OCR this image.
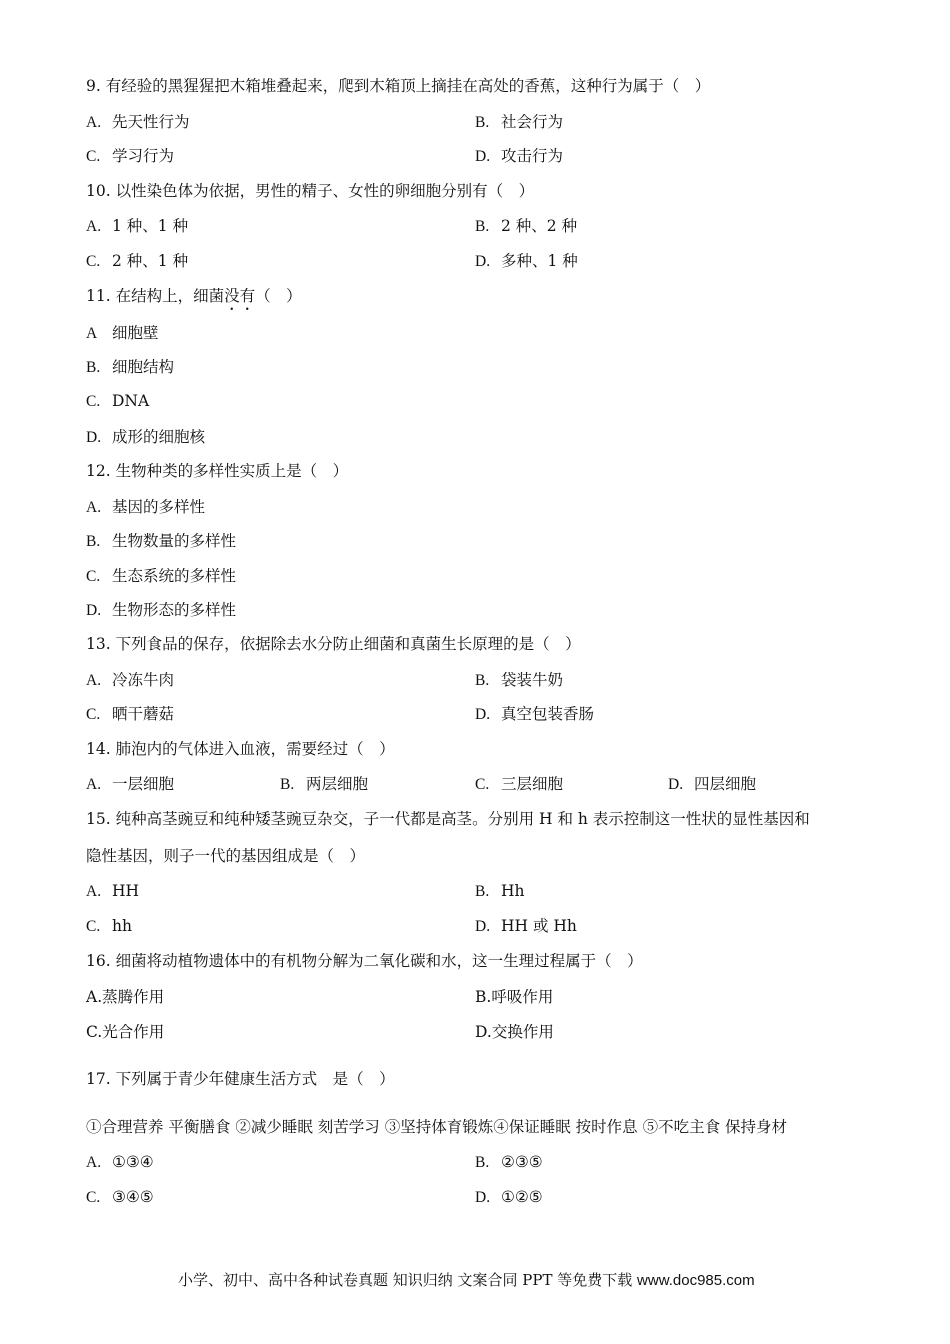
9. 有经验的黑猩猩把木箱堆叠起来，爬到木箱顶上摘挂在高处的香蕉，这种行为属于（　）
A. 先天性行为	B. 社会行为
C. 学习行为	D. 攻击行为
10. 以性染色体为依据，男性的精子、女性的卵细胞分别有（　）
A. 1 种、1 种	B. 2 种、2 种
C. 2 种、1 种	D. 多种、1 种
11. 在结构上，细菌没有（　）
A 细胞壁
B. 细胞结构
C. DNA
D. 成形的细胞核
12. 生物种类的多样性实质上是（　）
A. 基因的多样性
B. 生物数量的多样性
C. 生态系统的多样性
D. 生物形态的多样性
13. 下列食品的保存，依据除去水分防止细菌和真菌生长原理的是（　）
A. 冷冻牛肉	B. 袋装牛奶
C. 晒干蘑菇	D. 真空包装香肠
14. 肺泡内的气体进入血液，需要经过（　）
A. 一层细胞	B. 两层细胞	C. 三层细胞	D. 四层细胞
15. 纯种高茎豌豆和纯种矮茎豌豆杂交，子一代都是高茎。分别用 H 和 h 表示控制这一性状的显性基因和
隐性基因，则子一代的基因组成是（　）
A. HH	B. Hh
C. hh	D. HH 或 Hh
16. 细菌将动植物遗体中的有机物分解为二氧化碳和水，这一生理过程属于（　）
A.蒸腾作用	B.呼吸作用
C.光合作用	D.交换作用
17. 下列属于青少年健康生活方式　是（　）
①合理营养 平衡膳食 ②减少睡眠 刻苦学习 ③坚持体育锻炼④保证睡眠 按时作息 ⑤不吃主食 保持身材
A. ①③④	B. ②③⑤
C. ③④⑤	D. ①②⑤
小学、初中、高中各种试卷真题 知识归纳 文案合同 PPT 等免费下载 www.doc985.com
